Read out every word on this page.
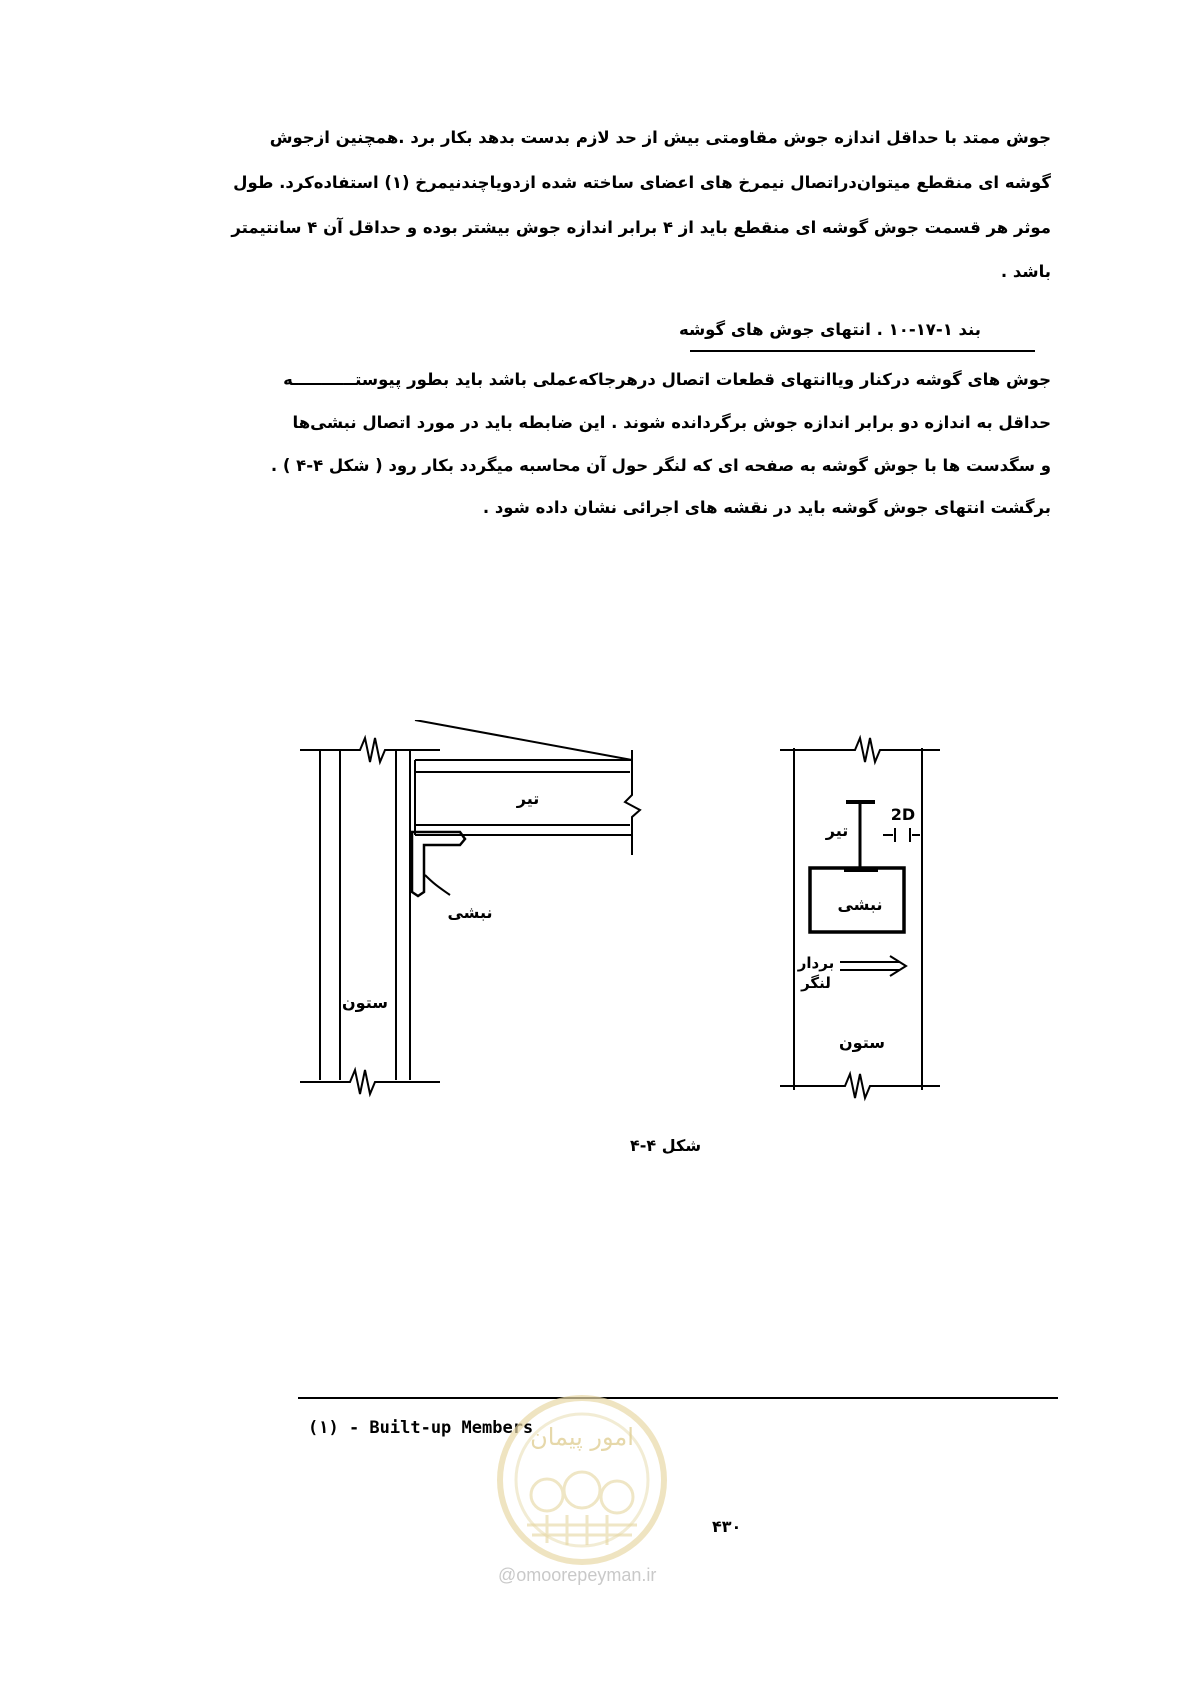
جوش ممتد با حداقل اندازه جوش مقاومتی بیش از حد لازم بدست بدهد بکار برد .همچنین ازجوش
گوشه ای منقطع میتوان‌دراتصال نیمرخ های اعضای ساخته شده ازدویاچندنیمرخ (۱) استفاده‌کرد. طول
موثر هر قسمت جوش گوشه ای منقطع باید از ۴ برابر اندازه جوش بیشتر بوده و حداقل آن ۴ سانتیمتر
باشد .
بند ۱-۱۷-۱۰ . انتهای جوش های گوشه
جوش های گوشه درکنار ویاانتهای قطعات اتصال درهرجاکه‌عملی باشد باید بطور پیوستـــــــــــه
حداقل به اندازه دو برابر اندازه جوش برگردانده شوند . این ضابطه باید در مورد اتصال نبشی‌ها
و سگدست ها با جوش گوشه به صفحه ای که لنگر حول آن محاسبه میگردد بکار رود ( شکل ۴-۴ ) .
برگشت انتهای جوش گوشه باید در نقشه های اجرائی نشان داده شود .
تیر
نبشی
ستون
تیر
2D
نبشی
بردار
لنگر
ستون
شکل ۴-۴
(۱) - Built-up Members
۴۳۰
امور پیمان
@omoorepeyman.ir
